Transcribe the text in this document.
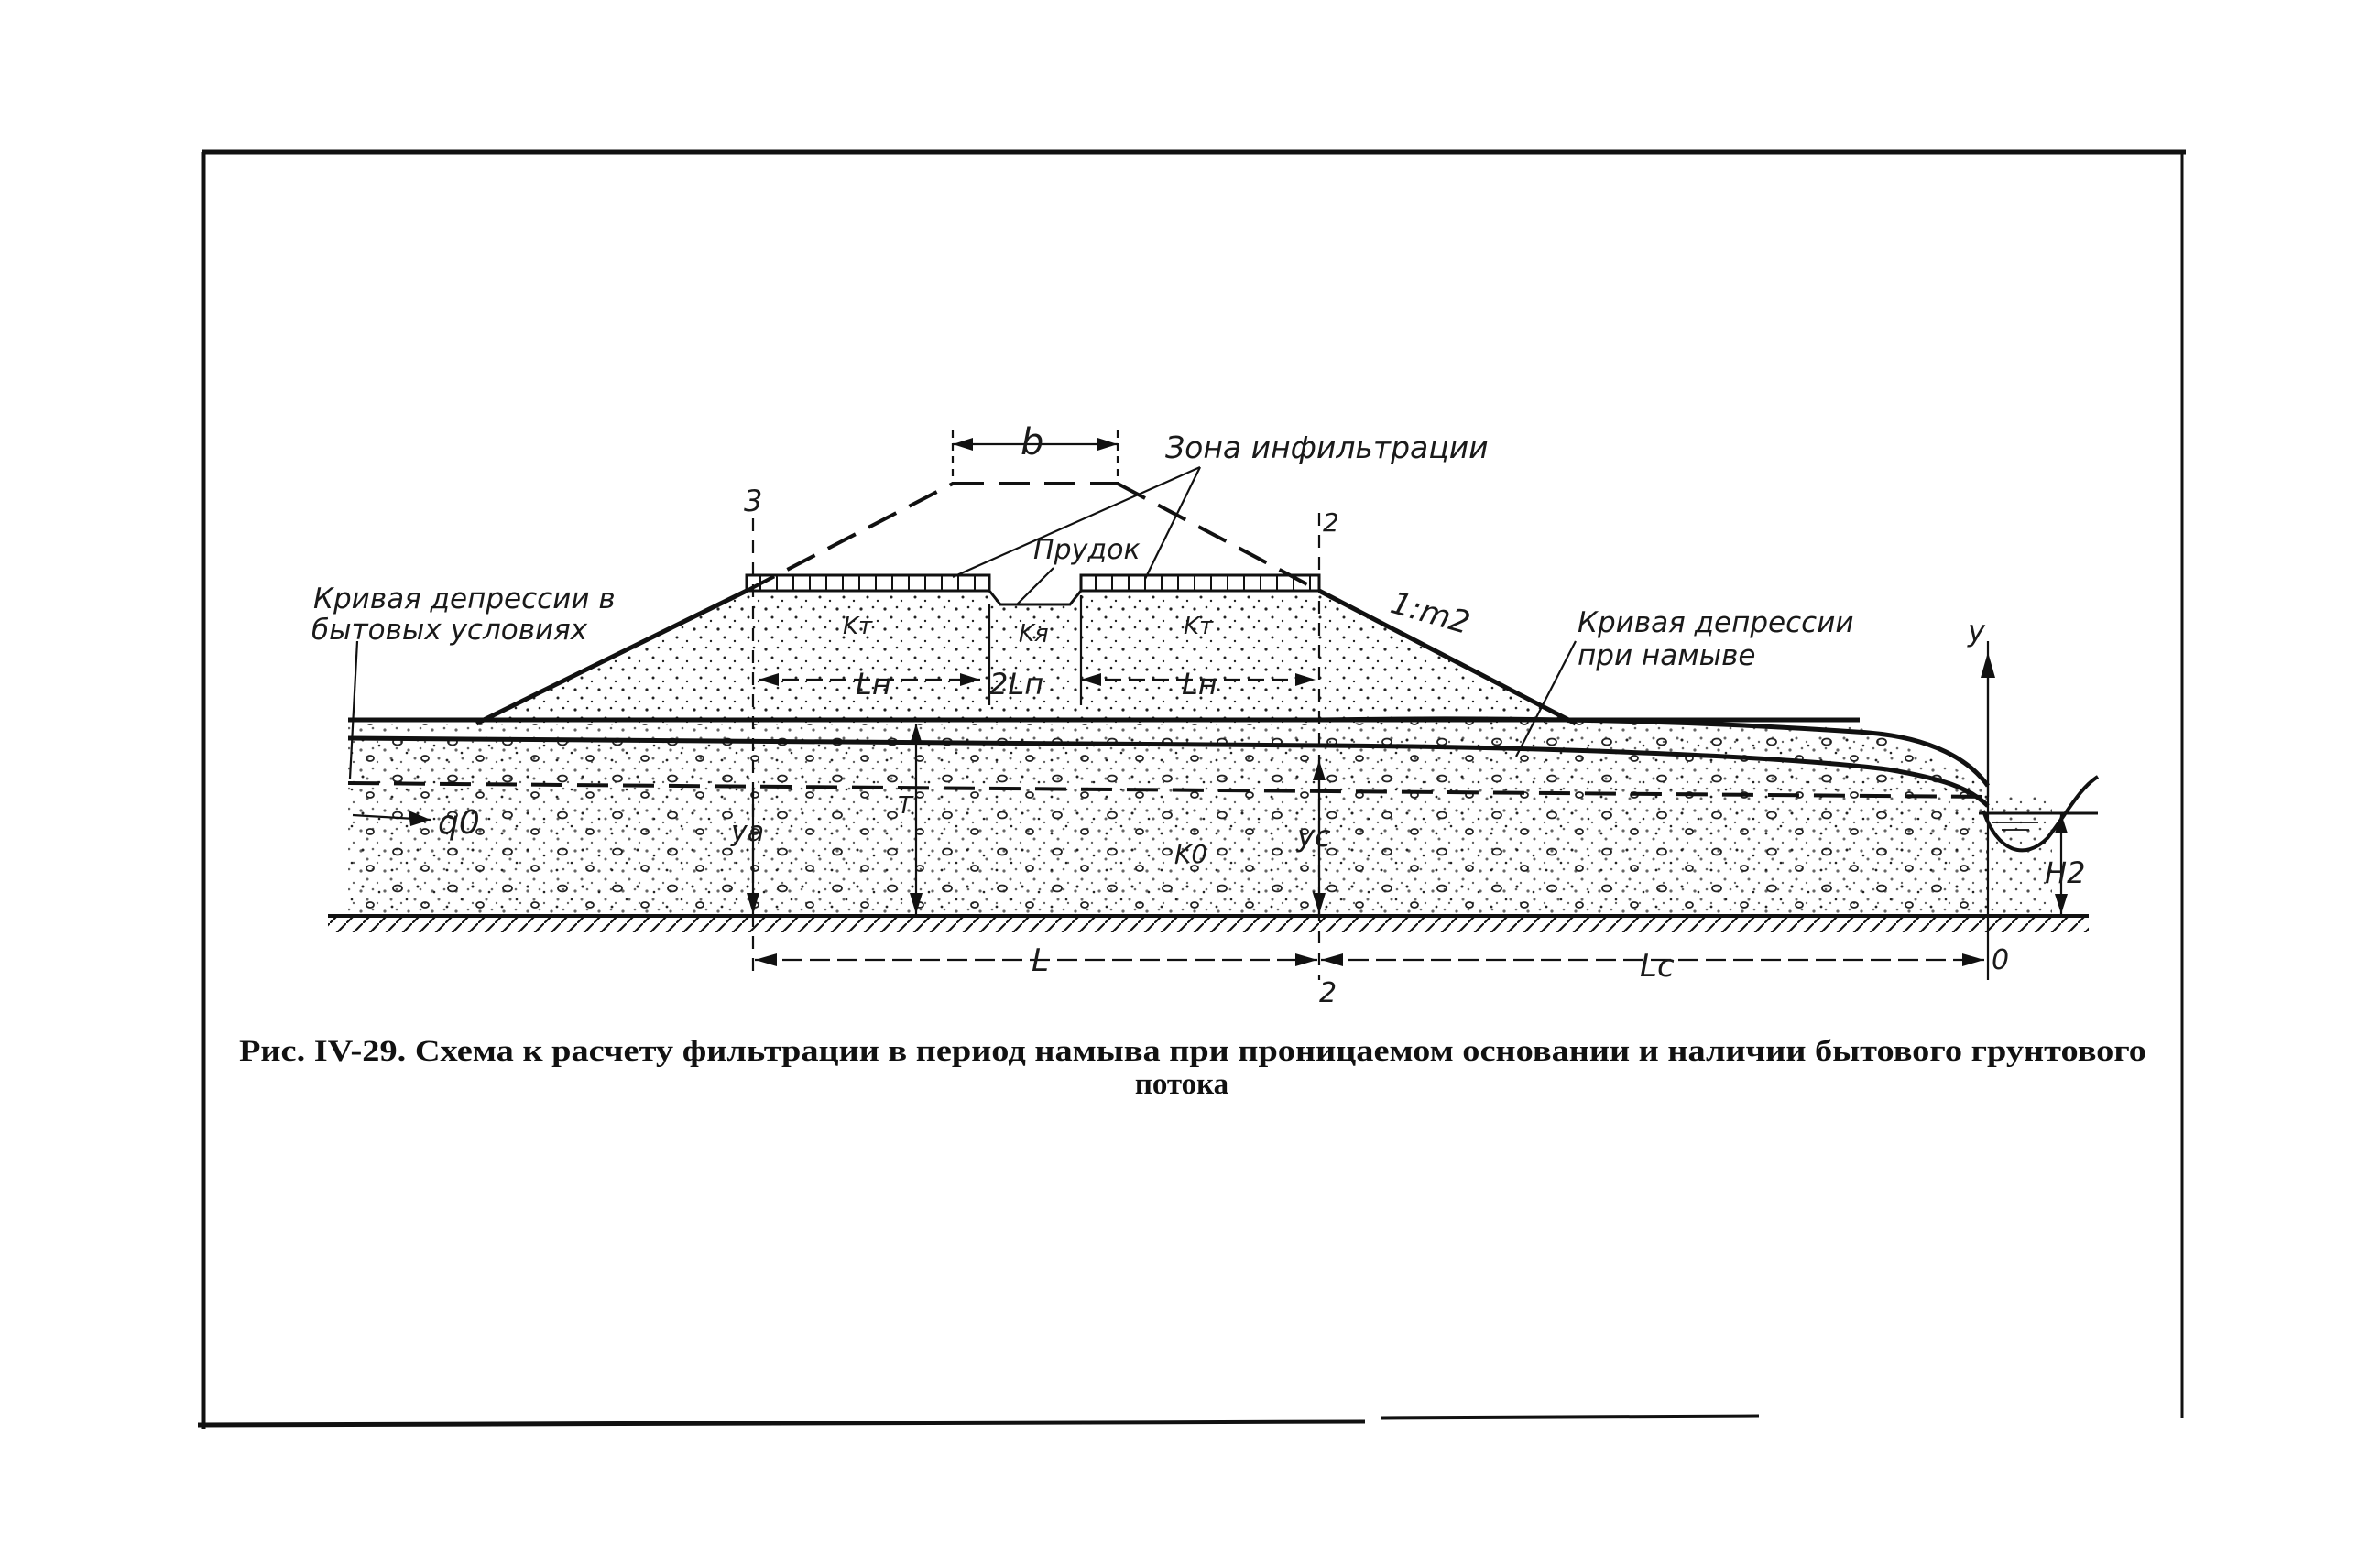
b	Зона инфильтрации
3
2
Прудок
Кривая депрессии в
бытовых условиях	Kт	Kя	Kт	1:m2	Кривая депрессии
при намыве
y
Lн	2Lп	Lн
q0	ya
T
yc
K0
H2
L	Lc	0
2
Рис. IV-29. Схема к расчету фильтрации в период намыва при проницаемом основании и наличии бытового грунтового
потока
